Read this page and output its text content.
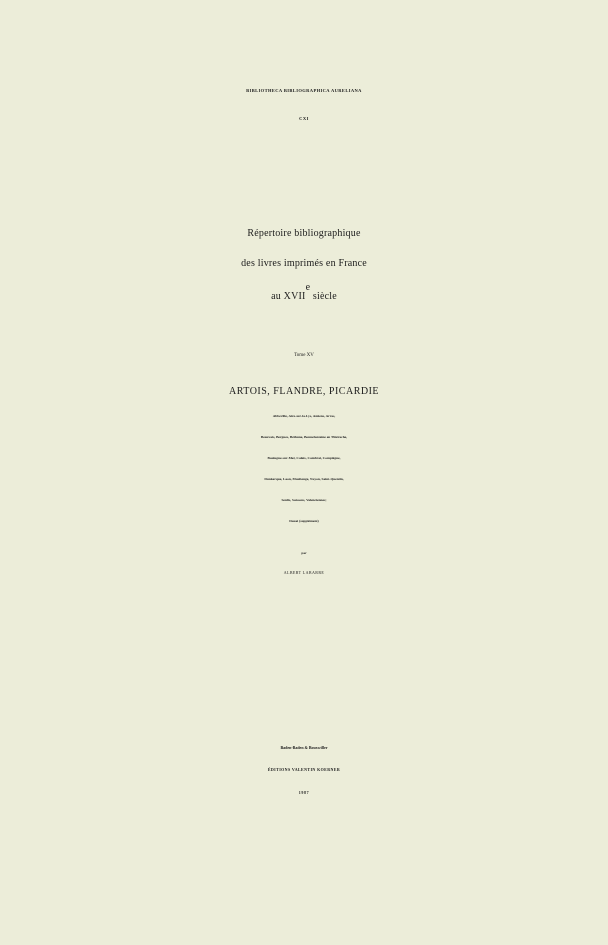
BIBLIOTHECA BIBLIOGRAPHICA AURELIANA
CXI
Répertoire bibliographique
des livres imprimés en France
au XVIIe siècle
Tome XV
ARTOIS, FLANDRE, PICARDIE
Abbeville, Aire-sur-la-Lys, Amiens, Arras,
Beauvais, Bergues, Béthune, Bonnefontaine en Thiérache,
Boulogne-sur-Mer, Calais, Cambrai, Compiègne,
Dunkerque, Laon, Maubeuge, Noyon, Saint-Quentin,
Senlis, Soissons, Valenciennes;
Douai (supplément)
par
ALBERT LABARRE
Baden-Baden & Bouxwiller
ÉDITIONS VALENTIN KOERNER
1987
